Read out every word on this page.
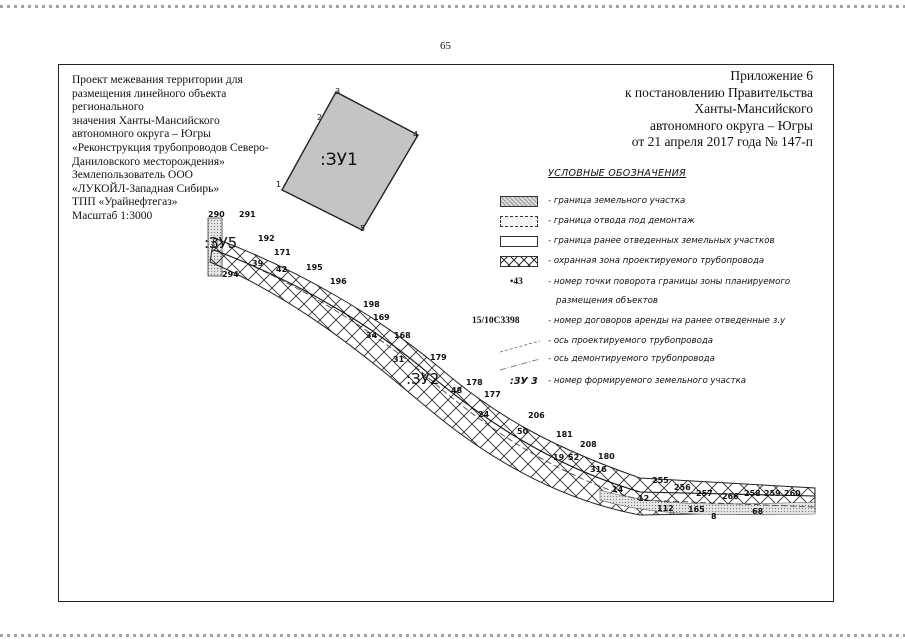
65
Проект межевания территории для
размещения линейного объекта
регионального
значения Ханты-Мансийского
автономного округа – Югры
«Реконструкция трубопроводов Северо-
Даниловского месторождения»
Землепользователь ООО
«ЛУКОЙЛ-Западная Сибирь»
ТПП «Урайнефтегаз»
Масштаб 1:3000
Приложение 6
к постановлению Правительства
Ханты-Мансийского
автономного округа – Югры
от 21 апреля 2017 года № 147-п
:ЗУ1
1
2
3
4
5
:ЗУ5
290 291
294
:ЗУ2
192
171
39
42 195
196
198
169
34 168
31	179
178
48	177
24	206
50	181
208
19 52 180
316
14
255
256
257 266 258 259 260
12
112 165
8
68
УСЛОВНЫЕ ОБОЗНАЧЕНИЯ
- граница земельного участка
- граница отвода под демонтаж
- граница ранее отведенных земельных участков
- охранная зона проектируемого трубопровода
•43	- номер точки поворота границы зоны планируемого
размещения объектов
15/10С3398	- номер договоров аренды на ранее отведенные з.у
- ось проектируемого трубопровода
- ось демонтируемого трубопровода
:ЗУ 3 - номер формируемого земельного участка
